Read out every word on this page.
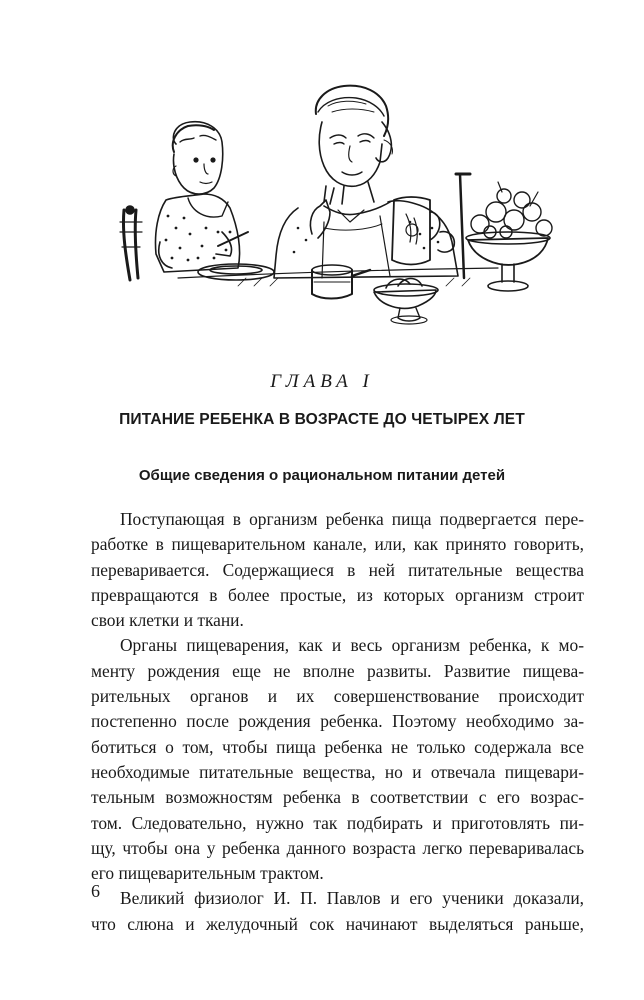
ГЛАВА I
ПИТАНИЕ РЕБЕНКА В ВОЗРАСТЕ ДО ЧЕТЫРЕХ ЛЕТ
Общие сведения о рациональном питании детей
Поступающая в организм ребенка пища подвергается пере-
работке в пищеварительном канале, или, как принято говорить,
переваривается. Содержащиеся в ней питательные вещества
превращаются в более простые, из которых организм строит
свои клетки и ткани.
Органы пищеварения, как и весь организм ребенка, к мо-
менту рождения еще не вполне развиты. Развитие пищева-
рительных органов и их совершенствование происходит
постепенно после рождения ребенка. Поэтому необходимо за-
ботиться о том, чтобы пища ребенка не только содержала все
необходимые питательные вещества, но и отвечала пищевари-
тельным возможностям ребенка в соответствии с его возрас-
том. Следовательно, нужно так подбирать и приготовлять пи-
щу, чтобы она у ребенка данного возраста легко переваривалась
его пищеварительным трактом.
Великий физиолог И. П. Павлов и его ученики доказали,
что слюна и желудочный сок начинают выделяться раньше,
6
